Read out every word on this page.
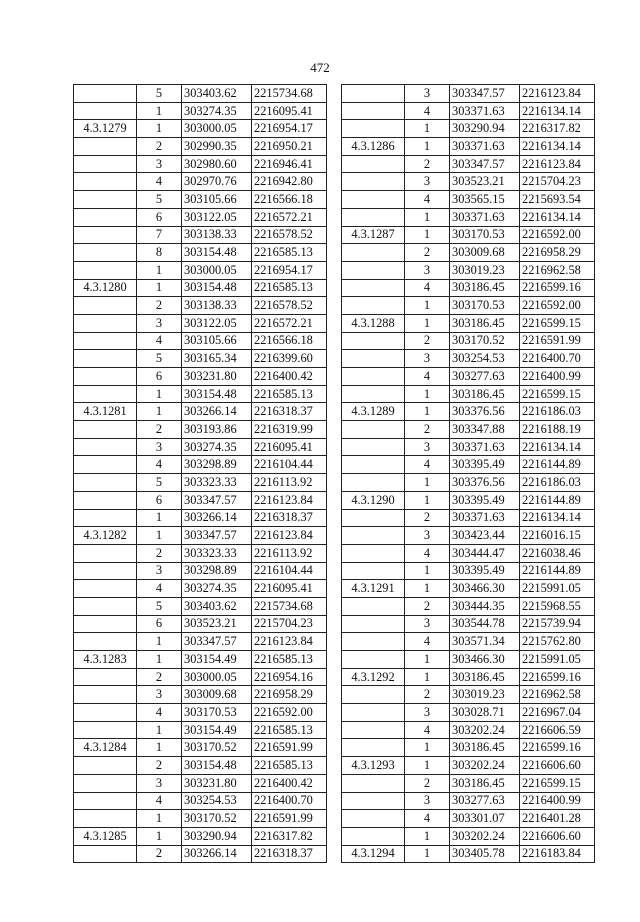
472
	5	303403.62	2215734.68
	1	303274.35	2216095.41
4.3.1279	1	303000.05	2216954.17
	2	302990.35	2216950.21
	3	302980.60	2216946.41
	4	302970.76	2216942.80
	5	303105.66	2216566.18
	6	303122.05	2216572.21
	7	303138.33	2216578.52
	8	303154.48	2216585.13
	1	303000.05	2216954.17
4.3.1280	1	303154.48	2216585.13
	2	303138.33	2216578.52
	3	303122.05	2216572.21
	4	303105.66	2216566.18
	5	303165.34	2216399.60
	6	303231.80	2216400.42
	1	303154.48	2216585.13
4.3.1281	1	303266.14	2216318.37
	2	303193.86	2216319.99
	3	303274.35	2216095.41
	4	303298.89	2216104.44
	5	303323.33	2216113.92
	6	303347.57	2216123.84
	1	303266.14	2216318.37
4.3.1282	1	303347.57	2216123.84
	2	303323.33	2216113.92
	3	303298.89	2216104.44
	4	303274.35	2216095.41
	5	303403.62	2215734.68
	6	303523.21	2215704.23
	1	303347.57	2216123.84
4.3.1283	1	303154.49	2216585.13
	2	303000.05	2216954.16
	3	303009.68	2216958.29
	4	303170.53	2216592.00
	1	303154.49	2216585.13
4.3.1284	1	303170.52	2216591.99
	2	303154.48	2216585.13
	3	303231.80	2216400.42
	4	303254.53	2216400.70
	1	303170.52	2216591.99
4.3.1285	1	303290.94	2216317.82
	2	303266.14	2216318.37
	3	303347.57	2216123.84
	4	303371.63	2216134.14
	1	303290.94	2216317.82
4.3.1286	1	303371.63	2216134.14
	2	303347.57	2216123.84
	3	303523.21	2215704.23
	4	303565.15	2215693.54
	1	303371.63	2216134.14
4.3.1287	1	303170.53	2216592.00
	2	303009.68	2216958.29
	3	303019.23	2216962.58
	4	303186.45	2216599.16
	1	303170.53	2216592.00
4.3.1288	1	303186.45	2216599.15
	2	303170.52	2216591.99
	3	303254.53	2216400.70
	4	303277.63	2216400.99
	1	303186.45	2216599.15
4.3.1289	1	303376.56	2216186.03
	2	303347.88	2216188.19
	3	303371.63	2216134.14
	4	303395.49	2216144.89
	1	303376.56	2216186.03
4.3.1290	1	303395.49	2216144.89
	2	303371.63	2216134.14
	3	303423.44	2216016.15
	4	303444.47	2216038.46
	1	303395.49	2216144.89
4.3.1291	1	303466.30	2215991.05
	2	303444.35	2215968.55
	3	303544.78	2215739.94
	4	303571.34	2215762.80
	1	303466.30	2215991.05
4.3.1292	1	303186.45	2216599.16
	2	303019.23	2216962.58
	3	303028.71	2216967.04
	4	303202.24	2216606.59
	1	303186.45	2216599.16
4.3.1293	1	303202.24	2216606.60
	2	303186.45	2216599.15
	3	303277.63	2216400.99
	4	303301.07	2216401.28
	1	303202.24	2216606.60
4.3.1294	1	303405.78	2216183.84
